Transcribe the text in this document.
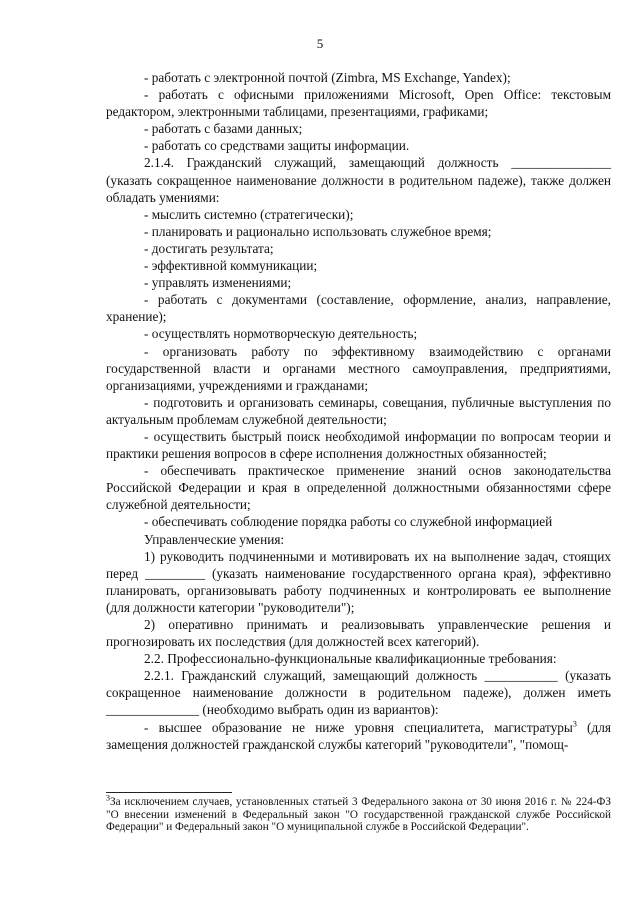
5

- работать с электронной почтой (Zimbra, MS Exchange, Yandex);

- работать с офисными приложениями Microsoft, Open Office: текстовым редактором, электронными таблицами, презентациями, графиками;

- работать с базами данных;

- работать со средствами защиты информации.

2.1.4. Гражданский служащий, замещающий должность _______________ (указать сокращенное наименование должности в родительном падеже), также должен обладать умениями:

- мыслить системно (стратегически);

- планировать и рационально использовать служебное время;

- достигать результата;

- эффективной коммуникации;

- управлять изменениями;

- работать с документами (составление, оформление, анализ, направление, хранение);

- осуществлять нормотворческую деятельность;

- организовать работу по эффективному взаимодействию с органами государственной власти и органами местного самоуправления, предприятиями, организациями, учреждениями и гражданами;

- подготовить и организовать семинары, совещания, публичные выступления по актуальным проблемам служебной деятельности;

- осуществить быстрый поиск необходимой информации по вопросам теории и практики решения вопросов в сфере исполнения должностных обязанностей;

- обеспечивать практическое применение знаний основ законодательства Российской Федерации и края в определенной должностными обязанностями сфере служебной деятельности;

- обеспечивать соблюдение порядка работы со служебной информацией

Управленческие умения:

1) руководить подчиненными и мотивировать их на выполнение задач, стоящих перед _________ (указать наименование государственного органа края), эффективно планировать, организовывать работу подчиненных и контролировать ее выполнение (для должности категории "руководители");

2) оперативно принимать и реализовывать управленческие решения и прогнозировать их последствия (для должностей всех категорий).

2.2. Профессионально-функциональные квалификационные требования:

2.2.1. Гражданский служащий, замещающий должность ___________ (указать сокращенное наименование должности в родительном падеже), должен иметь ______________ (необходимо выбрать один из вариантов):

- высшее образование не ниже уровня специалитета, магистратуры$^3$ (для замещения должностей гражданской службы категорий "руководители", "помощ-

$^3$За исключением случаев, установленных статьей 3 Федерального закона от 30 июня 2016 г. № 224-ФЗ "О внесении изменений в Федеральный закон "О государственной гражданской службе Российской Федерации" и Федеральный закон "О муниципальной службе в Российской Федерации".
